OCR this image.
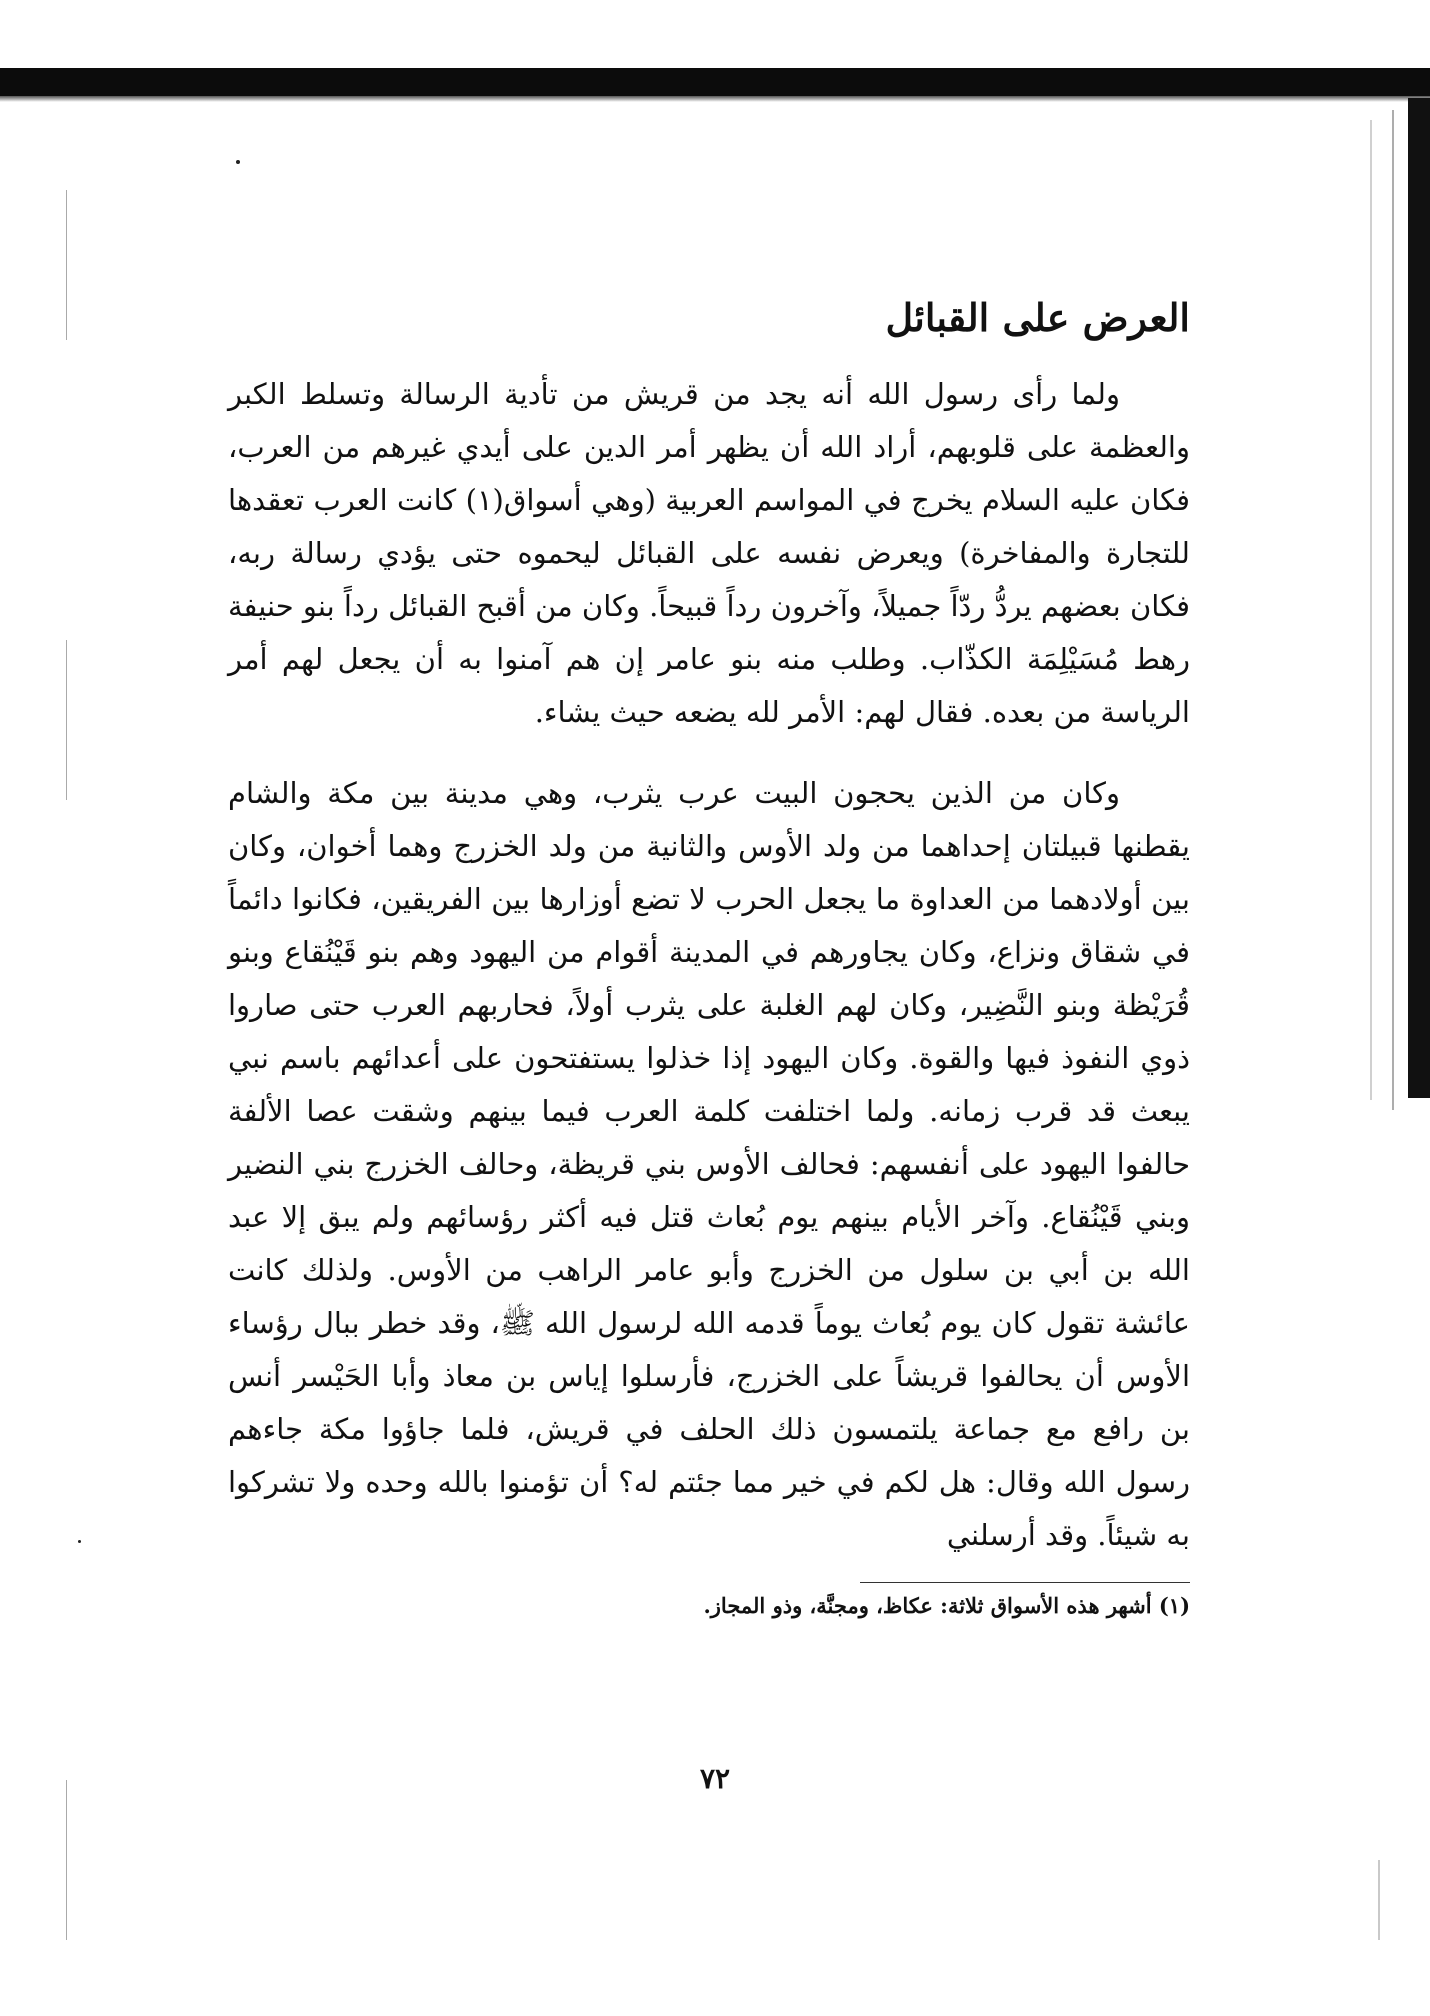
العرض على القبائل

ولما رأى رسول الله أنه يجد من قريش من تأدية الرسالة وتسلط الكبر والعظمة على قلوبهم، أراد الله أن يظهر أمر الدين على أيدي غيرهم من العرب، فكان عليه السلام يخرج في المواسم العربية (وهي أسواق(١) كانت العرب تعقدها للتجارة والمفاخرة) ويعرض نفسه على القبائل ليحموه حتى يؤدي رسالة ربه، فكان بعضهم يردُّ ردّاً جميلاً، وآخرون رداً قبيحاً. وكان من أقبح القبائل رداً بنو حنيفة رهط مُسَيْلِمَة الكذّاب. وطلب منه بنو عامر إن هم آمنوا به أن يجعل لهم أمر الرياسة من بعده. فقال لهم: الأمر لله يضعه حيث يشاء.

وكان من الذين يحجون البيت عرب يثرب، وهي مدينة بين مكة والشام يقطنها قبيلتان إحداهما من ولد الأوس والثانية من ولد الخزرج وهما أخوان، وكان بين أولادهما من العداوة ما يجعل الحرب لا تضع أوزارها بين الفريقين، فكانوا دائماً في شقاق ونزاع، وكان يجاورهم في المدينة أقوام من اليهود وهم بنو قَيْنُقاع وبنو قُرَيْظة وبنو النَّضِير، وكان لهم الغلبة على يثرب أولاً، فحاربهم العرب حتى صاروا ذوي النفوذ فيها والقوة. وكان اليهود إذا خذلوا يستفتحون على أعدائهم باسم نبي يبعث قد قرب زمانه. ولما اختلفت كلمة العرب فيما بينهم وشقت عصا الألفة حالفوا اليهود على أنفسهم: فحالف الأوس بني قريظة، وحالف الخزرج بني النضير وبني قَيْنُقاع. وآخر الأيام بينهم يوم بُعاث قتل فيه أكثر رؤسائهم ولم يبق إلا عبد الله بن أبي بن سلول من الخزرج وأبو عامر الراهب من الأوس. ولذلك كانت عائشة تقول كان يوم بُعاث يوماً قدمه الله لرسول الله ﷺ، وقد خطر ببال رؤساء الأوس أن يحالفوا قريشاً على الخزرج، فأرسلوا إياس بن معاذ وأبا الحَيْسر أنس بن رافع مع جماعة يلتمسون ذلك الحلف في قريش، فلما جاؤوا مكة جاءهم رسول الله وقال: هل لكم في خير مما جئتم له؟ أن تؤمنوا بالله وحده ولا تشركوا به شيئاً. وقد أرسلني

(١) أشهر هذه الأسواق ثلاثة: عكاظ، ومجنَّة، وذو المجاز.

٧٢
